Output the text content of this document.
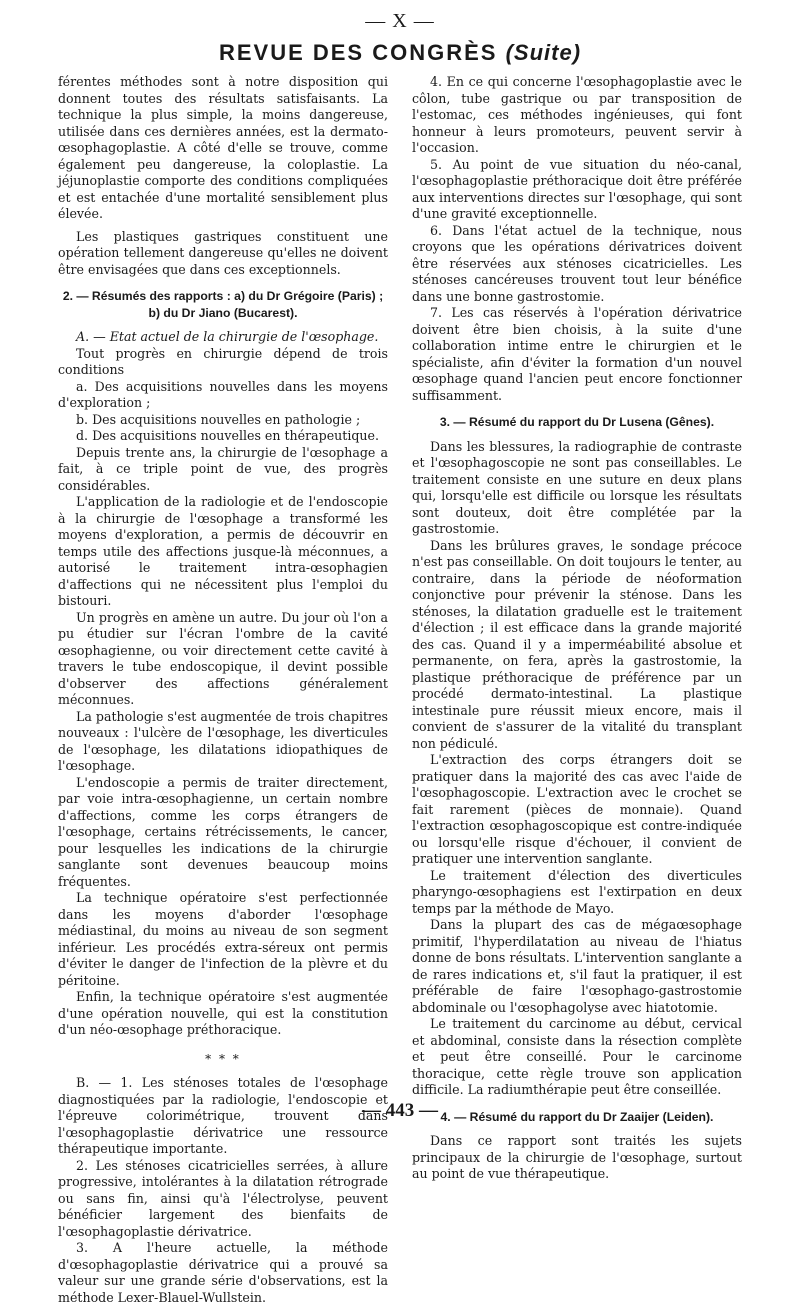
— X —
REVUE DES CONGRÈS (Suite)

férentes méthodes sont à notre disposition qui donnent toutes des résultats satisfaisants. La technique la plus simple, la moins dangereuse, utilisée dans ces dernières années, est la dermato-œsophagoplastie. A côté d'elle se trouve, comme également peu dangereuse, la coloplastie. La jéjunoplastie comporte des conditions compliquées et est entachée d'une mortalité sensiblement plus élevée.

Les plastiques gastriques constituent une opération tellement dangereuse qu'elles ne doivent être envisagées que dans ces exceptionnels.

2. — Résumés des rapports : a) du Dr Grégoire (Paris) ; b) du Dr Jiano (Bucarest).

A. — Etat actuel de la chirurgie de l'œsophage.

Tout progrès en chirurgie dépend de trois conditions

a. Des acquisitions nouvelles dans les moyens d'exploration ;

b. Des acquisitions nouvelles en pathologie ;

d. Des acquisitions nouvelles en thérapeutique.

Depuis trente ans, la chirurgie de l'œsophage a fait, à ce triple point de vue, des progrès considérables.

L'application de la radiologie et de l'endoscopie à la chirurgie de l'œsophage a transformé les moyens d'exploration, a permis de découvrir en temps utile des affections jusque-là méconnues, a autorisé le traitement intra-œsophagien d'affections qui ne nécessitent plus l'emploi du bistouri.

Un progrès en amène un autre. Du jour où l'on a pu étudier sur l'écran l'ombre de la cavité œsophagienne, ou voir directement cette cavité à travers le tube endoscopique, il devint possible d'observer des affections généralement méconnues.

La pathologie s'est augmentée de trois chapitres nouveaux : l'ulcère de l'œsophage, les diverticules de l'œsophage, les dilatations idiopathiques de l'œsophage.

L'endoscopie a permis de traiter directement, par voie intra-œsophagienne, un certain nombre d'affections, comme les corps étrangers de l'œsophage, certains rétrécissements, le cancer, pour lesquelles les indications de la chirurgie sanglante sont devenues beaucoup moins fréquentes.

La technique opératoire s'est perfectionnée dans les moyens d'aborder l'œsophage médiastinal, du moins au niveau de son segment inférieur. Les procédés extra-séreux ont permis d'éviter le danger de l'infection de la plèvre et du péritoine.

Enfin, la technique opératoire s'est augmentée d'une opération nouvelle, qui est la constitution d'un néo-œsophage préthoracique.

* * *

B. — 1. Les sténoses totales de l'œsophage diagnostiquées par la radiologie, l'endoscopie et l'épreuve colorimétrique, trouvent dans l'œsophagoplastie dérivatrice une ressource thérapeutique importante.

2. Les sténoses cicatricielles serrées, à allure progressive, intolérantes à la dilatation rétrograde ou sans fin, ainsi qu'à l'électrolyse, peuvent bénéficier largement des bienfaits de l'œsophagoplastie dérivatrice.

3. A l'heure actuelle, la méthode d'œsophagoplastie dérivatrice qui a prouvé sa valeur sur une grande série d'observations, est la méthode Lexer-Blauel-Wullstein.

4. En ce qui concerne l'œsophagoplastie avec le côlon, tube gastrique ou par transposition de l'estomac, ces méthodes ingénieuses, qui font honneur à leurs promoteurs, peuvent servir à l'occasion.

5. Au point de vue situation du néo-canal, l'œsophagoplastie préthoracique doit être préférée aux interventions directes sur l'œsophage, qui sont d'une gravité exceptionnelle.

6. Dans l'état actuel de la technique, nous croyons que les opérations dérivatrices doivent être réservées aux sténoses cicatricielles. Les sténoses cancéreuses trouvent tout leur bénéfice dans une bonne gastrostomie.

7. Les cas réservés à l'opération dérivatrice doivent être bien choisis, à la suite d'une collaboration intime entre le chirurgien et le spécialiste, afin d'éviter la formation d'un nouvel œsophage quand l'ancien peut encore fonctionner suffisamment.

3. — Résumé du rapport du Dr Lusena (Gênes).

Dans les blessures, la radiographie de contraste et l'œsophagoscopie ne sont pas conseillables. Le traitement consiste en une suture en deux plans qui, lorsqu'elle est difficile ou lorsque les résultats sont douteux, doit être complétée par la gastrostomie.

Dans les brûlures graves, le sondage précoce n'est pas conseillable. On doit toujours le tenter, au contraire, dans la période de néoformation conjonctive pour prévenir la sténose. Dans les sténoses, la dilatation graduelle est le traitement d'élection ; il est efficace dans la grande majorité des cas. Quand il y a imperméabilité absolue et permanente, on fera, après la gastrostomie, la plastique préthoracique de préférence par un procédé dermato-intestinal. La plastique intestinale pure réussit mieux encore, mais il convient de s'assurer de la vitalité du transplant non pédiculé.

L'extraction des corps étrangers doit se pratiquer dans la majorité des cas avec l'aide de l'œsophagoscopie. L'extraction avec le crochet se fait rarement (pièces de monnaie). Quand l'extraction œsophagoscopique est contre-indiquée ou lorsqu'elle risque d'échouer, il convient de pratiquer une intervention sanglante.

Le traitement d'élection des diverticules pharyngo-œsophagiens est l'extirpation en deux temps par la méthode de Mayo.

Dans la plupart des cas de mégaœsophage primitif, l'hyperdilatation au niveau de l'hiatus donne de bons résultats. L'intervention sanglante a de rares indications et, s'il faut la pratiquer, il est préférable de faire l'œsophago-gastrostomie abdominale ou l'œsophagolyse avec hiatotomie.

Le traitement du carcinome au début, cervical et abdominal, consiste dans la résection complète et peut être conseillé. Pour le carcinome thoracique, cette règle trouve son application difficile. La radiumthérapie peut être conseillée.

4. — Résumé du rapport du Dr Zaaijer (Leiden).

Dans ce rapport sont traités les sujets principaux de la chirurgie de l'œsophage, surtout au point de vue thérapeutique.

— 443 —
